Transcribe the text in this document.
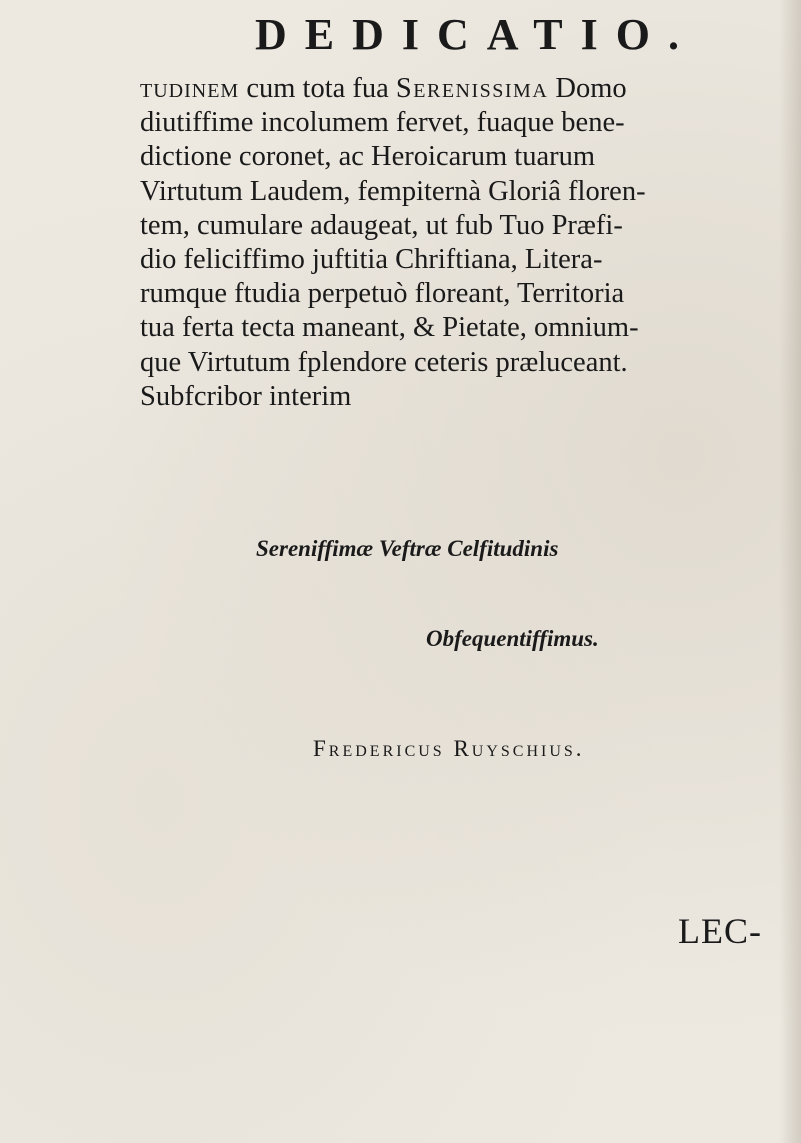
DEDICATIO.
tudinem cum tota fua Serenissima Domo
diutiffime incolumem fervet, fuaque bene-
dictione coronet, ac Heroicarum tuarum
Virtutum Laudem, fempiternà Gloriâ floren-
tem, cumulare adaugeat, ut fub Tuo Præfi-
dio feliciffimo juftitia Chriftiana, Litera-
rumque ftudia perpetuò floreant, Territoria
tua ferta tecta maneant, & Pietate, omnium-
que Virtutum fplendore ceteris præluceant.
Subfcribor interim
Sereniffimæ Veftræ Celfitudinis
Obfequentiffimus.
Fredericus Ruyschius.
LEC-
